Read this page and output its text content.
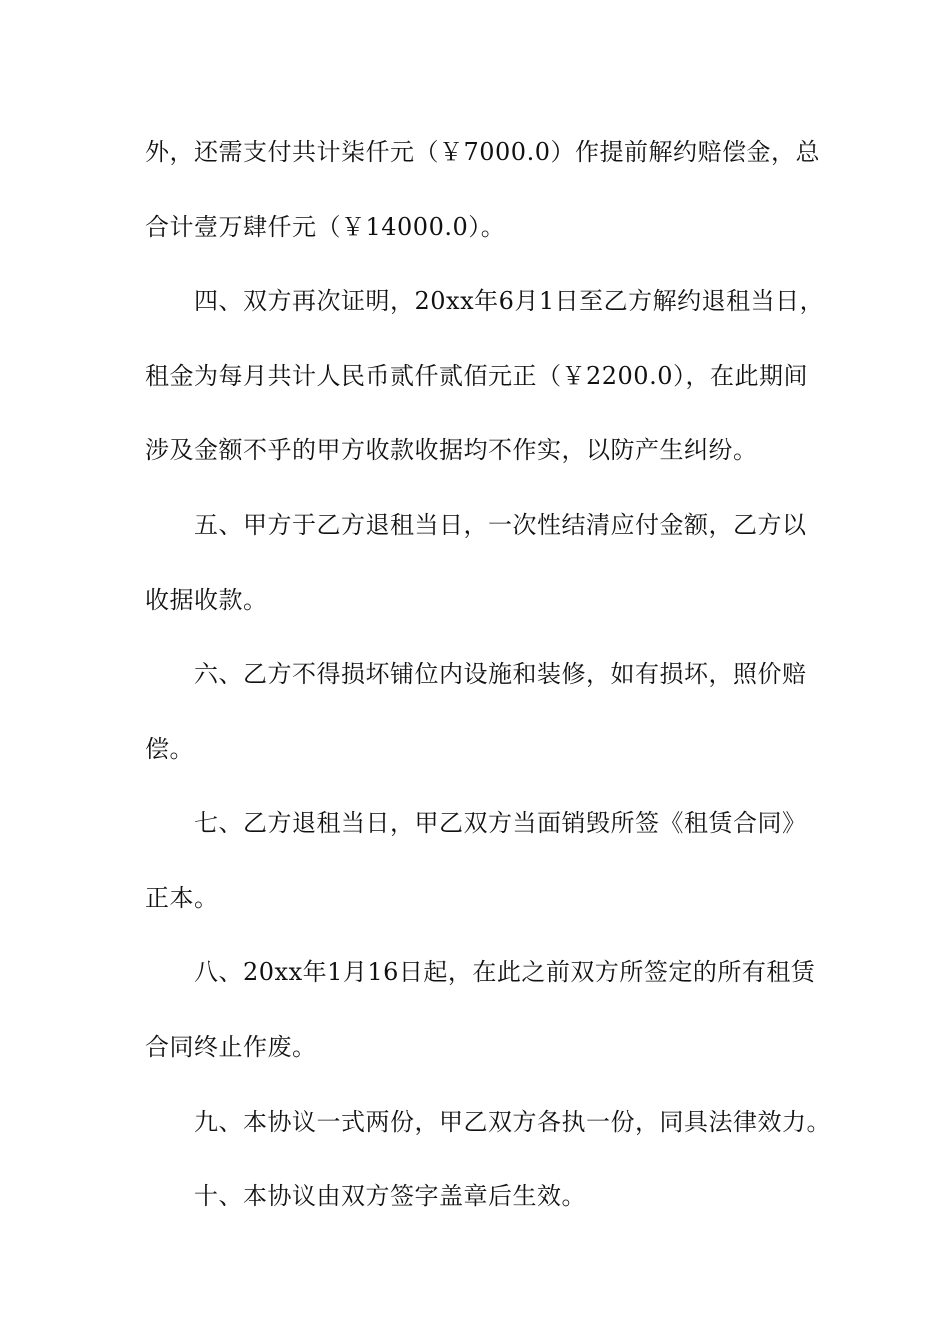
外，还需支付共计柒仟元（￥7000.0）作提前解约赔偿金，总
合计壹万肆仟元（￥14000.0）。
四、双方再次证明，20xx年6月1日至乙方解约退租当日，
租金为每月共计人民币贰仟贰佰元正（￥2200.0），在此期间
涉及金额不乎的甲方收款收据均不作实，以防产生纠纷。
五、甲方于乙方退租当日，一次性结清应付金额，乙方以
收据收款。
六、乙方不得损坏铺位内设施和装修，如有损坏，照价赔
偿。
七、乙方退租当日，甲乙双方当面销毁所签《租赁合同》
正本。
八、20xx年1月16日起，在此之前双方所签定的所有租赁
合同终止作废。
九、本协议一式两份，甲乙双方各执一份，同具法律效力。
十、本协议由双方签字盖章后生效。
